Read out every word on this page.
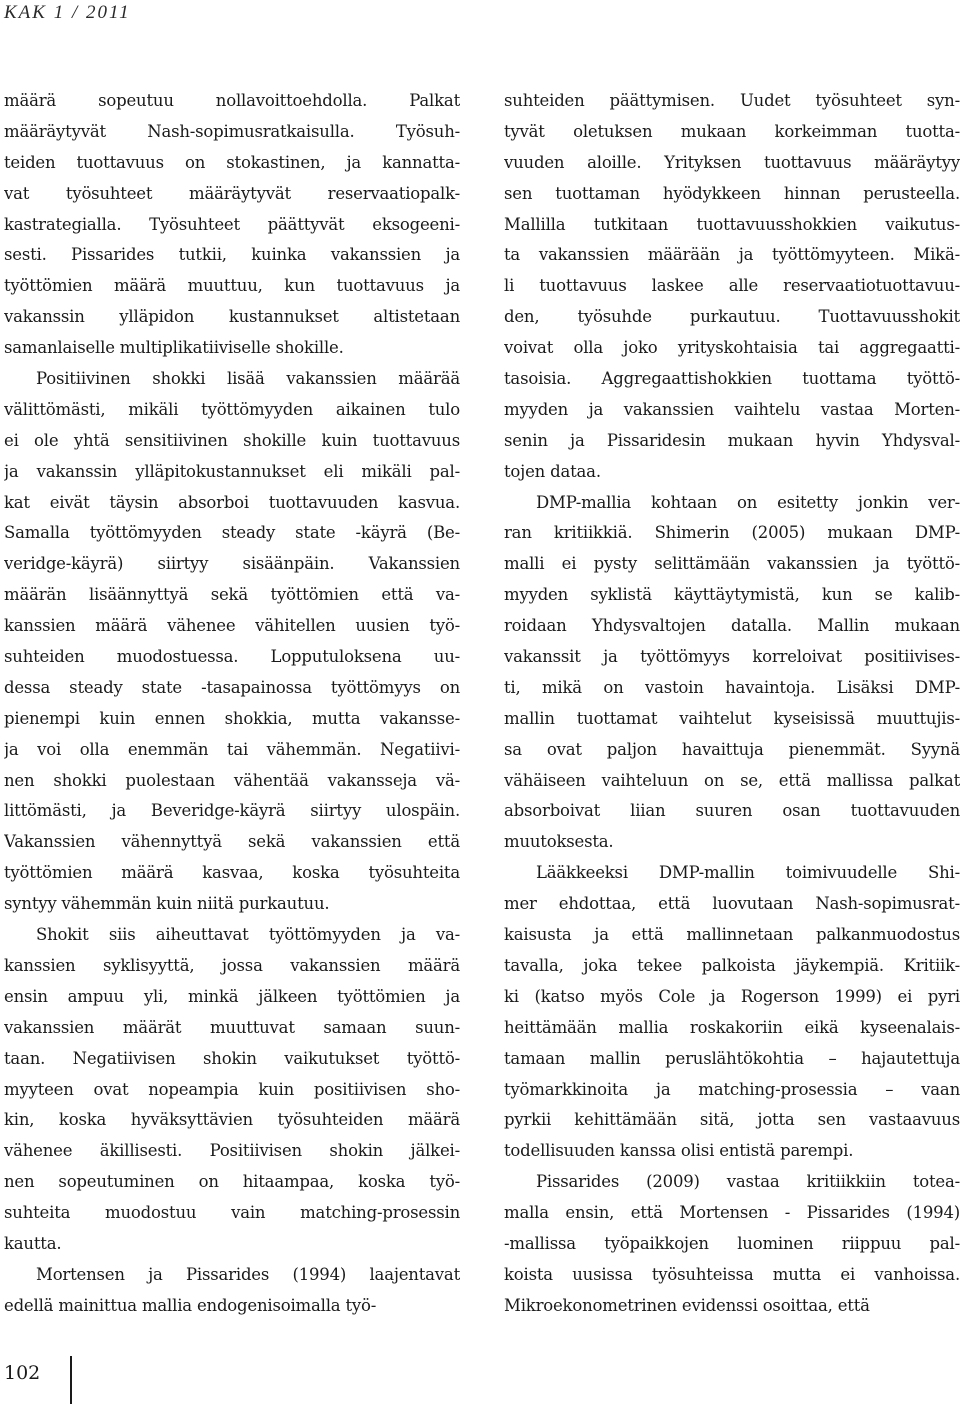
KAK 1 / 2011
määrä sopeutuu nollavoittoehdolla. Palkat
määräytyvät Nash-sopimusratkaisulla. Työsuh-
teiden tuottavuus on stokastinen, ja kannatta-
vat työsuhteet määräytyvät reservaatiopalk-
kastrategialla. Työsuhteet päättyvät eksogeeni-
sesti. Pissarides tutkii, kuinka vakanssien ja
työttömien määrä muuttuu, kun tuottavuus ja
vakanssin ylläpidon kustannukset altistetaan
samanlaiselle multiplikatiiviselle shokille.
Positiivinen shokki lisää vakanssien määrää
välittömästi, mikäli työttömyyden aikainen tulo
ei ole yhtä sensitiivinen shokille kuin tuottavuus
ja vakanssin ylläpitokustannukset eli mikäli pal-
kat eivät täysin absorboi tuottavuuden kasvua.
Samalla työttömyyden steady state -käyrä (Be-
veridge-käyrä) siirtyy sisäänpäin. Vakanssien
määrän lisäännyttyä sekä työttömien että va-
kanssien määrä vähenee vähitellen uusien työ-
suhteiden muodostuessa. Lopputuloksena uu-
dessa steady state -tasapainossa työttömyys on
pienempi kuin ennen shokkia, mutta vakansse-
ja voi olla enemmän tai vähemmän. Negatiivi-
nen shokki puolestaan vähentää vakansseja vä-
littömästi, ja Beveridge-käyrä siirtyy ulospäin.
Vakanssien vähennyttyä sekä vakanssien että
työttömien määrä kasvaa, koska työsuhteita
syntyy vähemmän kuin niitä purkautuu.
Shokit siis aiheuttavat työttömyyden ja va-
kanssien syklisyyttä, jossa vakanssien määrä
ensin ampuu yli, minkä jälkeen työttömien ja
vakanssien määrät muuttuvat samaan suun-
taan. Negatiivisen shokin vaikutukset työttö-
myyteen ovat nopeampia kuin positiivisen sho-
kin, koska hyväksyttävien työsuhteiden määrä
vähenee äkillisesti. Positiivisen shokin jälkei-
nen sopeutuminen on hitaampaa, koska työ-
suhteita muodostuu vain matching-prosessin
kautta.
Mortensen ja Pissarides (1994) laajentavat
edellä mainittua mallia endogenisoimalla työ-
suhteiden päättymisen. Uudet työsuhteet syn-
tyvät oletuksen mukaan korkeimman tuotta-
vuuden aloille. Yrityksen tuottavuus määräytyy
sen tuottaman hyödykkeen hinnan perusteella.
Mallilla tutkitaan tuottavuusshokkien vaikutus-
ta vakanssien määrään ja työttömyyteen. Mikä-
li tuottavuus laskee alle reservaatiotuottavuu-
den, työsuhde purkautuu. Tuottavuusshokit
voivat olla joko yrityskohtaisia tai aggregaatti-
tasoisia. Aggregaattishokkien tuottama työttö-
myyden ja vakanssien vaihtelu vastaa Morten-
senin ja Pissaridesin mukaan hyvin Yhdysval-
tojen dataa.
DMP-mallia kohtaan on esitetty jonkin ver-
ran kritiikkiä. Shimerin (2005) mukaan DMP-
malli ei pysty selittämään vakanssien ja työttö-
myyden syklistä käyttäytymistä, kun se kalib-
roidaan Yhdysvaltojen datalla. Mallin mukaan
vakanssit ja työttömyys korreloivat positiivises-
ti, mikä on vastoin havaintoja. Lisäksi DMP-
mallin tuottamat vaihtelut kyseisissä muuttujis-
sa ovat paljon havaittuja pienemmät. Syynä
vähäiseen vaihteluun on se, että mallissa palkat
absorboivat liian suuren osan tuottavuuden
muutoksesta.
Lääkkeeksi DMP-mallin toimivuudelle Shi-
mer ehdottaa, että luovutaan Nash-sopimusrat-
kaisusta ja että mallinnetaan palkanmuodostus
tavalla, joka tekee palkoista jäykempiä. Kritiik-
ki (katso myös Cole ja Rogerson 1999) ei pyri
heittämään mallia roskakoriin eikä kyseenalais-
tamaan mallin peruslähtökohtia – hajautettuja
työmarkkinoita ja matching-prosessia – vaan
pyrkii kehittämään sitä, jotta sen vastaavuus
todellisuuden kanssa olisi entistä parempi.
Pissarides (2009) vastaa kritiikkiin totea-
malla ensin, että Mortensen - Pissarides (1994)
-mallissa työpaikkojen luominen riippuu pal-
koista uusissa työsuhteissa mutta ei vanhoissa.
Mikroekonometrinen evidenssi osoittaa, että
102
